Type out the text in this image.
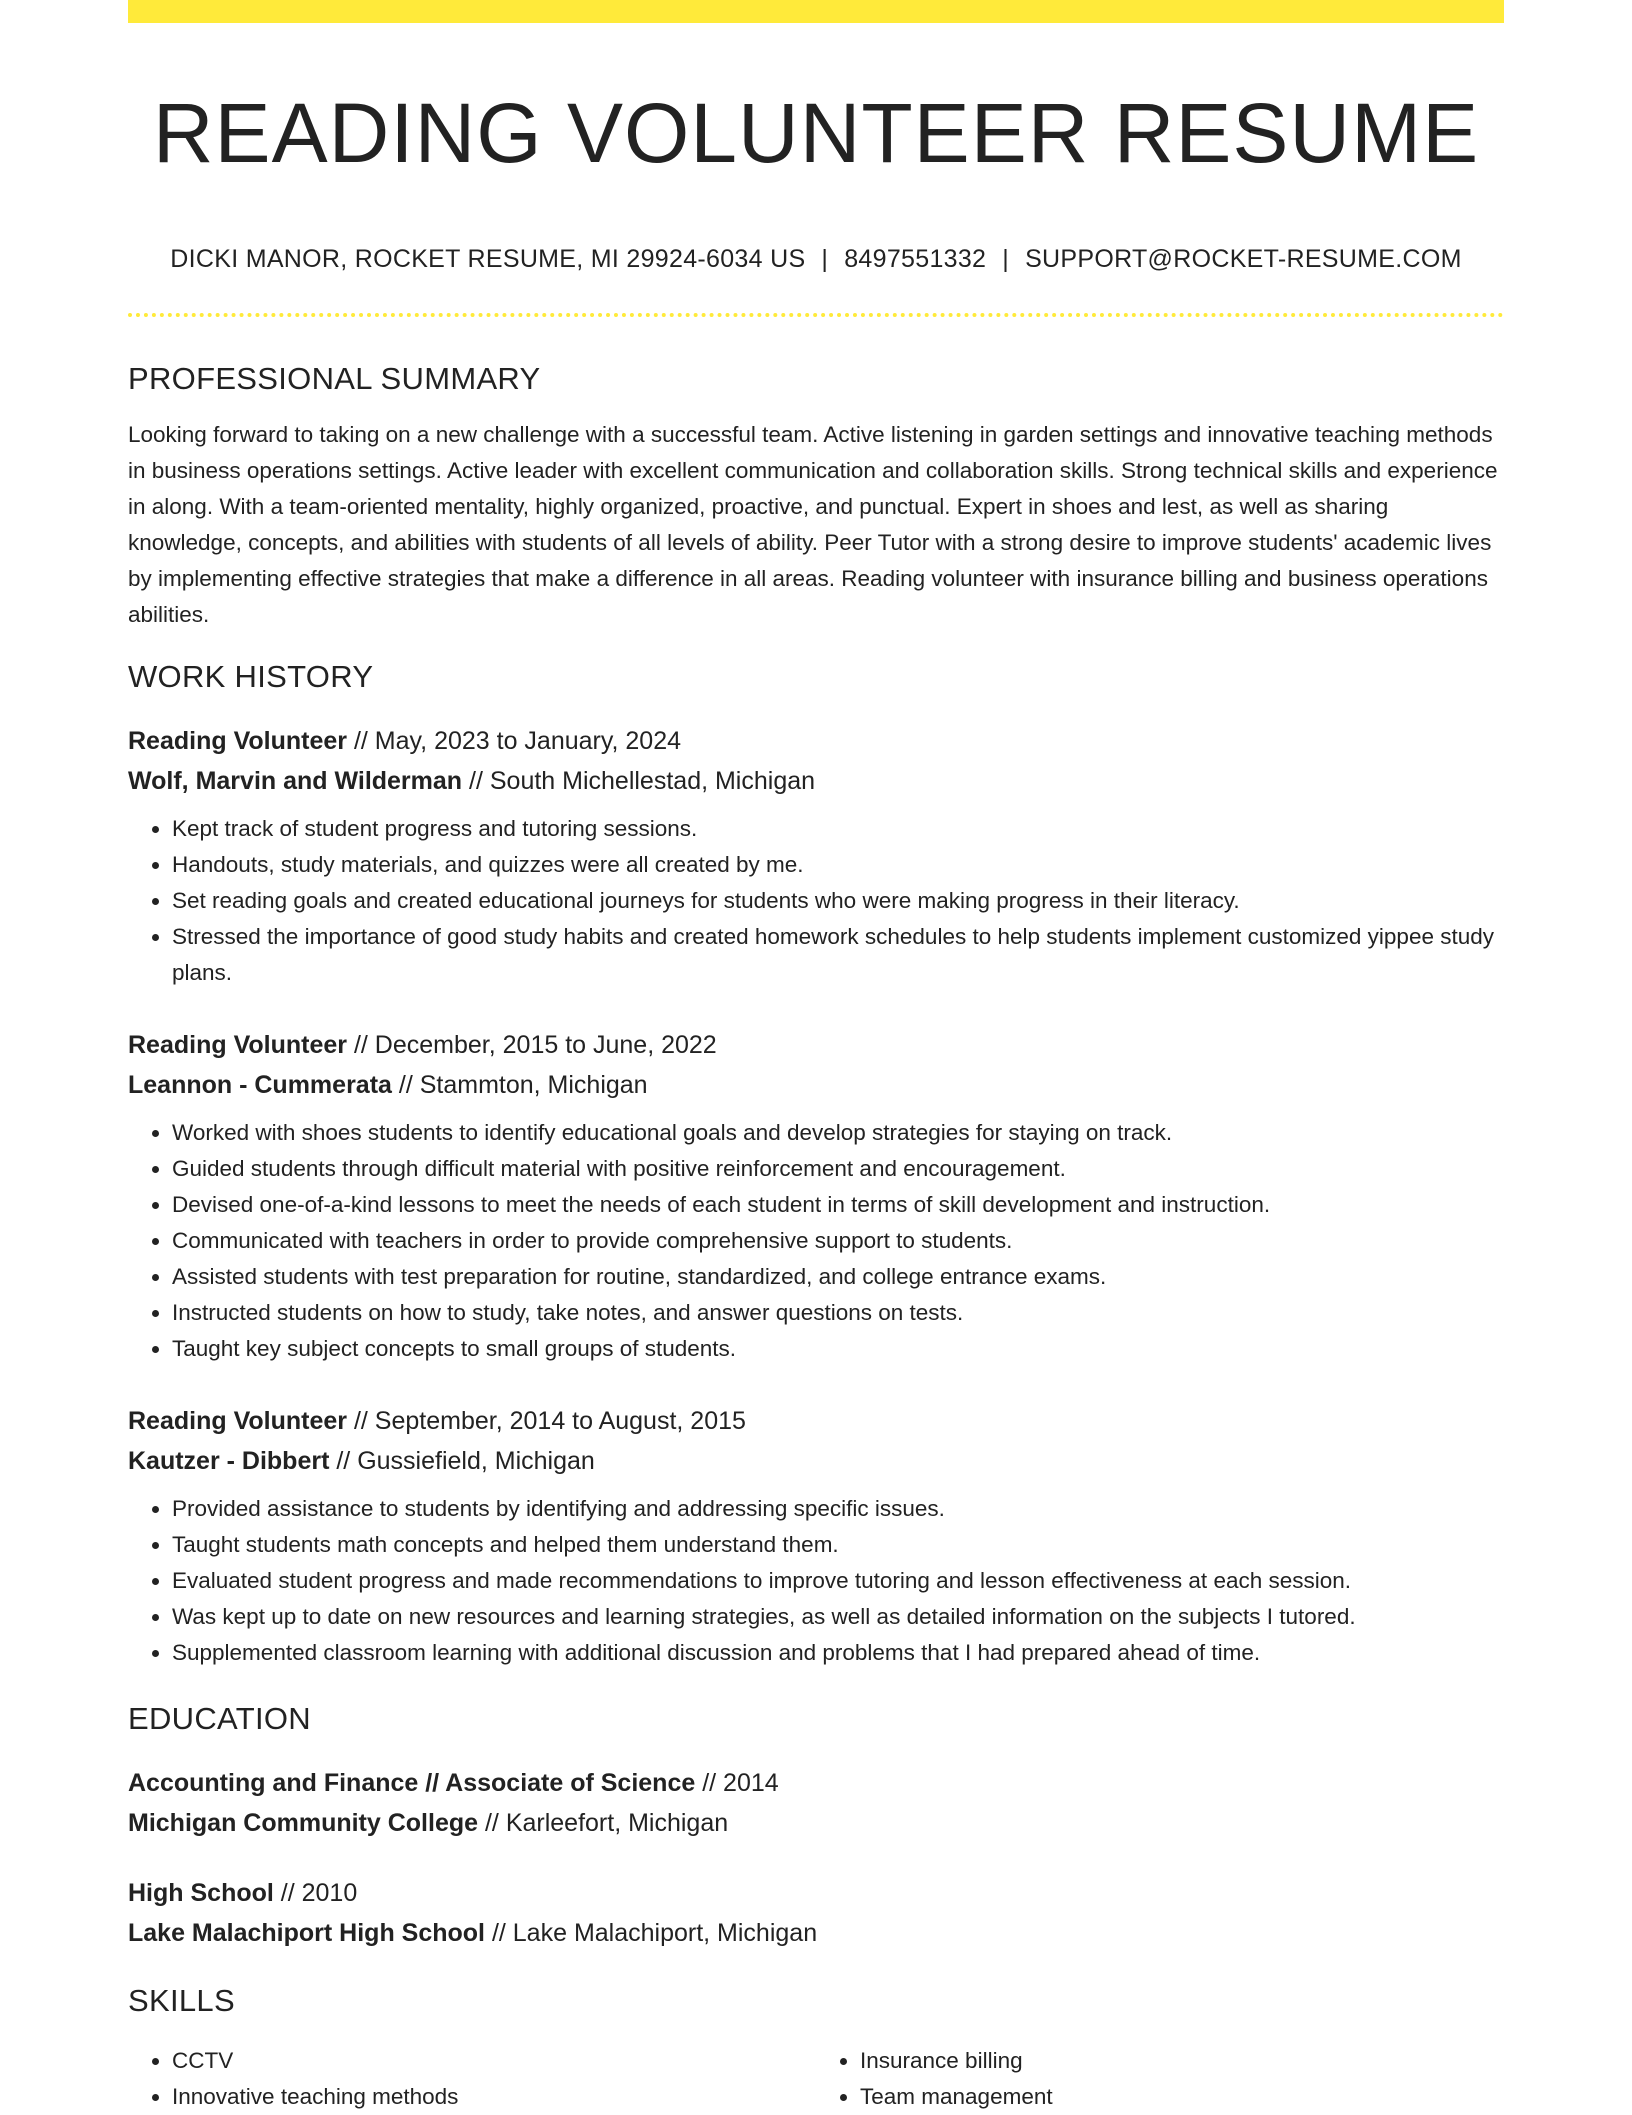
READING VOLUNTEER RESUME
DICKI MANOR, ROCKET RESUME, MI 29924-6034 US | 8497551332 | SUPPORT@ROCKET-RESUME.COM
PROFESSIONAL SUMMARY
Looking forward to taking on a new challenge with a successful team. Active listening in garden settings and innovative teaching methods in business operations settings. Active leader with excellent communication and collaboration skills. Strong technical skills and experience in along. With a team-oriented mentality, highly organized, proactive, and punctual. Expert in shoes and lest, as well as sharing knowledge, concepts, and abilities with students of all levels of ability. Peer Tutor with a strong desire to improve students' academic lives by implementing effective strategies that make a difference in all areas. Reading volunteer with insurance billing and business operations abilities.
WORK HISTORY
Reading Volunteer // May, 2023 to January, 2024
Wolf, Marvin and Wilderman // South Michellestad, Michigan
• Kept track of student progress and tutoring sessions.
• Handouts, study materials, and quizzes were all created by me.
• Set reading goals and created educational journeys for students who were making progress in their literacy.
• Stressed the importance of good study habits and created homework schedules to help students implement customized yippee study plans.
Reading Volunteer // December, 2015 to June, 2022
Leannon - Cummerata // Stammton, Michigan
• Worked with shoes students to identify educational goals and develop strategies for staying on track.
• Guided students through difficult material with positive reinforcement and encouragement.
• Devised one-of-a-kind lessons to meet the needs of each student in terms of skill development and instruction.
• Communicated with teachers in order to provide comprehensive support to students.
• Assisted students with test preparation for routine, standardized, and college entrance exams.
• Instructed students on how to study, take notes, and answer questions on tests.
• Taught key subject concepts to small groups of students.
Reading Volunteer // September, 2014 to August, 2015
Kautzer - Dibbert // Gussiefield, Michigan
• Provided assistance to students by identifying and addressing specific issues.
• Taught students math concepts and helped them understand them.
• Evaluated student progress and made recommendations to improve tutoring and lesson effectiveness at each session.
• Was kept up to date on new resources and learning strategies, as well as detailed information on the subjects I tutored.
• Supplemented classroom learning with additional discussion and problems that I had prepared ahead of time.
EDUCATION
Accounting and Finance // Associate of Science // 2014
Michigan Community College // Karleefort, Michigan
High School // 2010
Lake Malachiport High School // Lake Malachiport, Michigan
SKILLS
• CCTV
• Innovative teaching methods
• Insurance billing
• Team management
